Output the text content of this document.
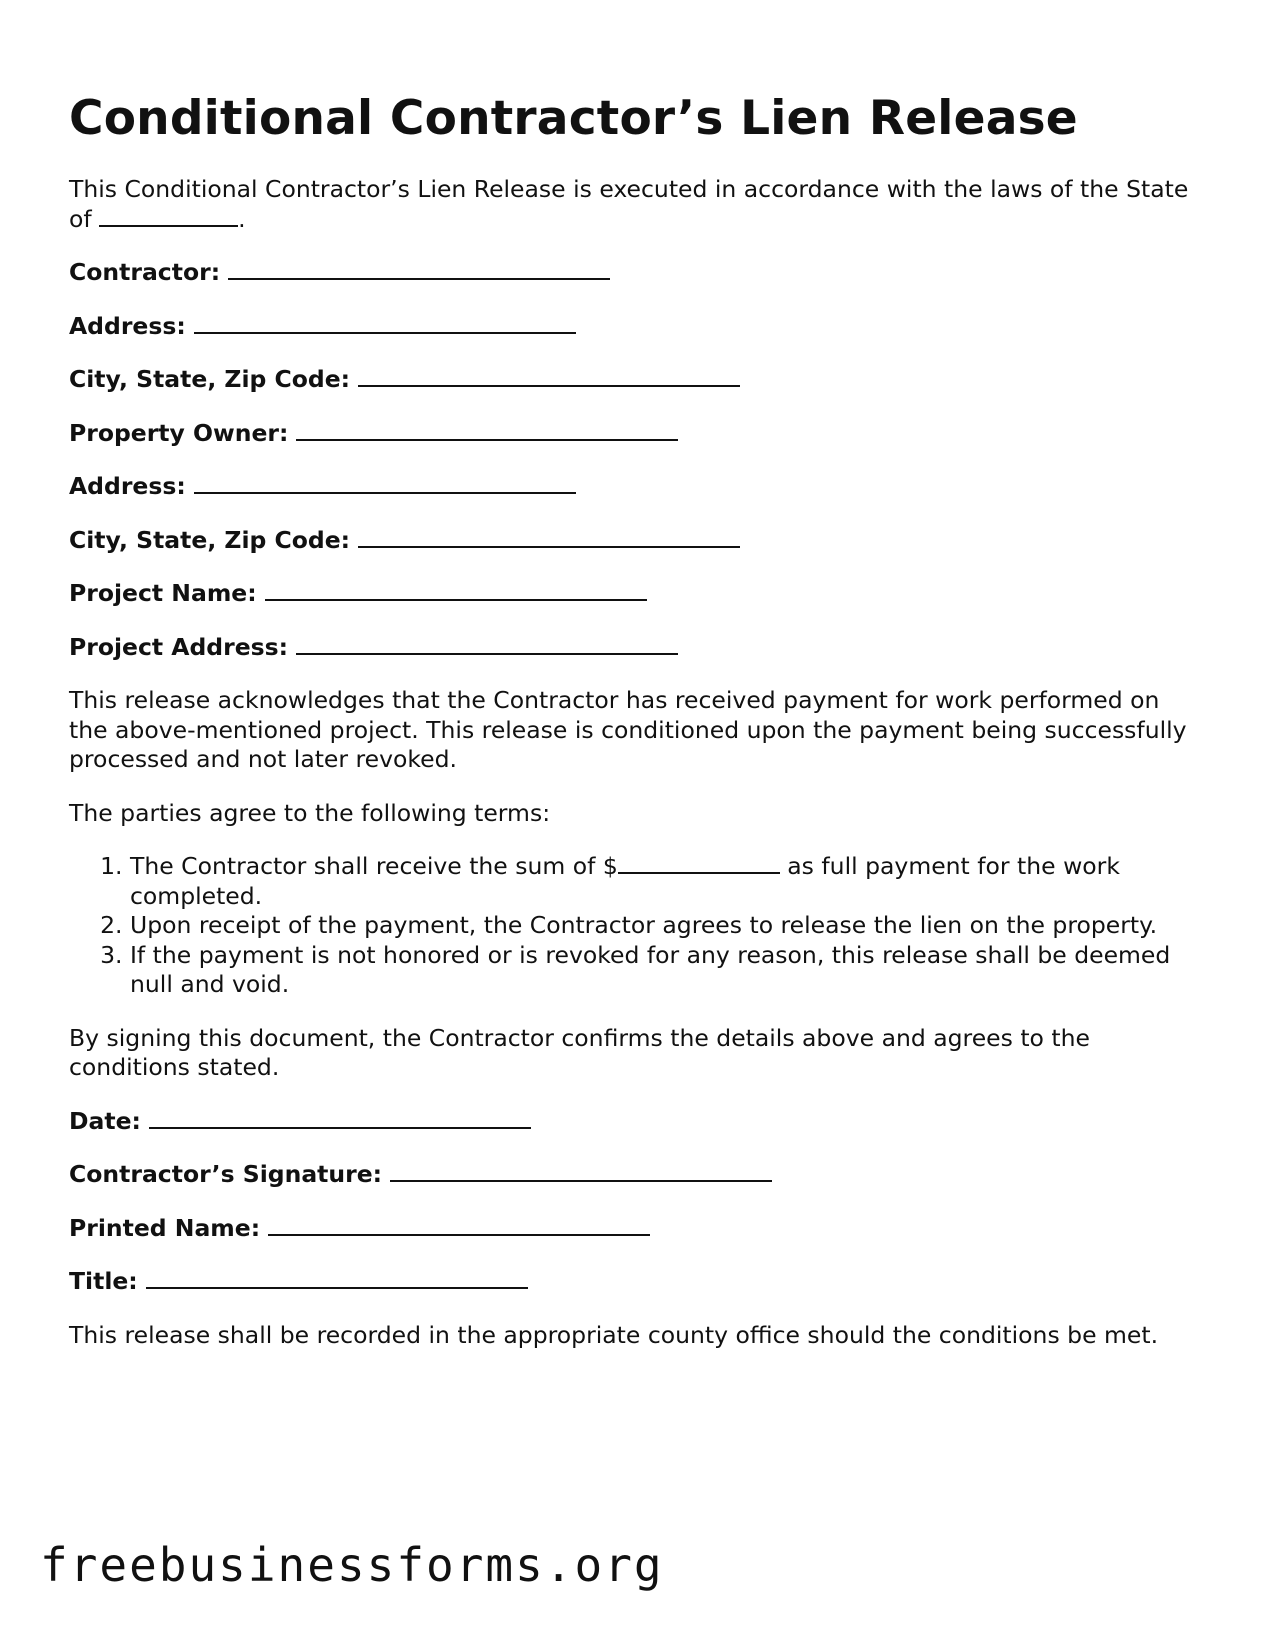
Conditional Contractor’s Lien Release

This Conditional Contractor’s Lien Release is executed in accordance with the laws of the State of	.

Contractor:
Address:
City, State, Zip Code:
Property Owner:
Address:
City, State, Zip Code:
Project Name:
Project Address:

This release acknowledges that the Contractor has received payment for work performed on the above-mentioned project. This release is conditioned upon the payment being successfully processed and not later revoked.

The parties agree to the following terms:

1. The Contractor shall receive the sum of $	as full payment for the work completed.
2. Upon receipt of the payment, the Contractor agrees to release the lien on the property.
3. If the payment is not honored or is revoked for any reason, this release shall be deemed null and void.

By signing this document, the Contractor confirms the details above and agrees to the conditions stated.

Date:
Contractor’s Signature:
Printed Name:
Title:

This release shall be recorded in the appropriate county office should the conditions be met.

freebusinessforms.org
